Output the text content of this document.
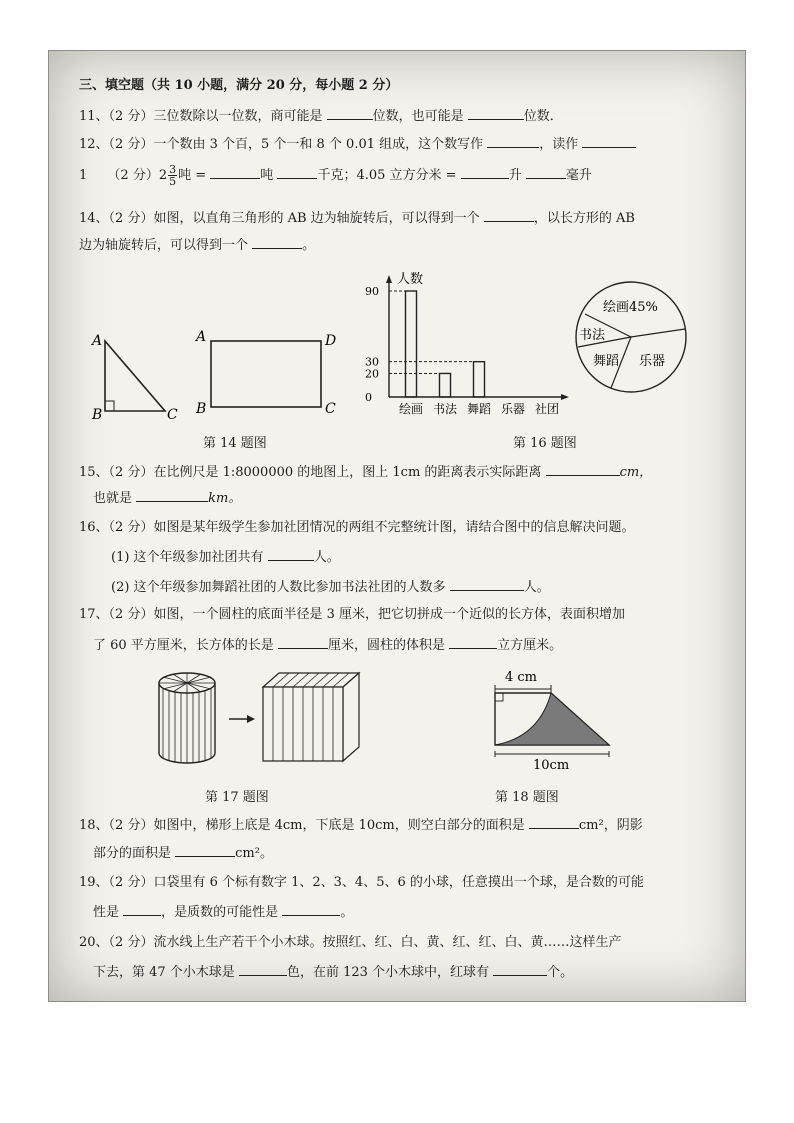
三、填空题（共 10 小题，满分 20 分，每小题 2 分）
11、（2 分）三位数除以一位数，商可能是	位数，也可能是	位数．
12、（2 分）一个数由 3 个百，5 个一和 8 个 0.01 组成，这个数写作	，读作
1 （2 分）$2 \frac{3}{5}$ 吨 =	吨	千克；4.05 立方分米 =	升	毫升
14、（2 分）如图，以直角三角形的 AB 边为轴旋转后，可以得到一个	，以长方形的 AB
边为轴旋转后，可以得到一个	。
A
B	C
A
B
D
C
第 14 题图
人数
0
20
30
90
绘画 书法 舞蹈 乐器 社团
绘画45%
书法
舞蹈 乐器
第 16 题图
15、（2 分）在比例尺是 1:8000000 的地图上，图上 1cm 的距离表示实际距离	cm，
也就是	km。
16、（2 分）如图是某年级学生参加社团情况的两组不完整统计图，请结合图中的信息解决问题。
(1) 这个年级参加社团共有	人。
(2) 这个年级参加舞蹈社团的人数比参加书法社团的人数多	人。
17、（2 分）如图，一个圆柱的底面半径是 3 厘米，把它切拼成一个近似的长方体，表面积增加
了 60 平方厘米，长方体的长是	厘米，圆柱的体积是	立方厘米。
第 17 题图
4 cm
10cm
第 18 题图
18、（2 分）如图中，梯形上底是 4cm，下底是 10cm，则空白部分的面积是	cm²，阴影
部分的面积是	cm²。
19、（2 分）口袋里有 6 个标有数字 1、2、3、4、5、6 的小球，任意摸出一个球，是合数的可能
性是	，是质数的可能性是	。
20、（2 分）流水线上生产若干个小木球。按照红、红、白、黄、红、红、白、黄……这样生产
下去，第 47 个小木球是	色，在前 123 个小木球中，红球有	个。
